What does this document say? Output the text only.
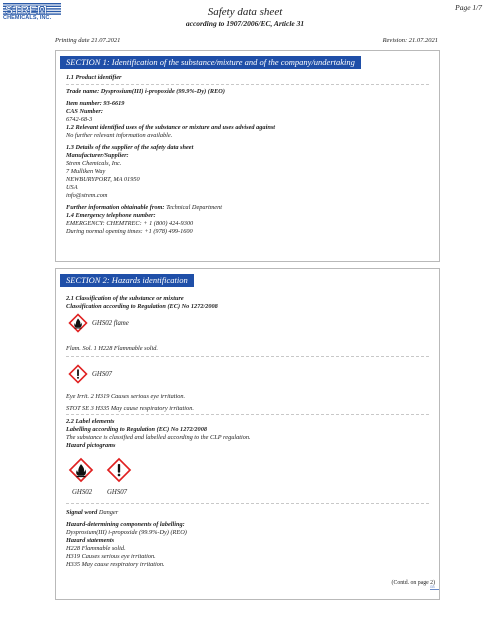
STREM
CHEMICALS, INC.	Safety data sheet
according to 1907/2006/EC, Article 31
Page 1/7
Printing date 21.07.2021	Revision: 21.07.2021
SECTION 1: Identification of the substance/mixture and of the company/undertaking
1.1 Product identifier
Trade name: Dysprosium(III) i-propoxide (99.9%-Dy) (REO)
Item number: 93-6619
CAS Number:
6742-68-3
1.2 Relevant identified uses of the substance or mixture and uses advised against
No further relevant information available.
1.3 Details of the supplier of the safety data sheet
Manufacturer/Supplier:
Strem Chemicals, Inc.
7 Mulliken Way
NEWBURYPORT, MA 01950
USA
info@strem.com
Further information obtainable from: Technical Department
1.4 Emergency telephone number:
EMERGENCY: CHEMTREC: + 1 (800) 424-9300
During normal opening times: +1 (978) 499-1600
SECTION 2: Hazards identification
2.1 Classification of the substance or mixture
Classification according to Regulation (EC) No 1272/2008
GHS02 flame
Flam. Sol. 1 H228 Flammable solid.
GHS07
Eye Irrit. 2 H319 Causes serious eye irritation.
STOT SE 3 H335 May cause respiratory irritation.
2.2 Label elements
Labelling according to Regulation (EC) No 1272/2008
The substance is classified and labelled according to the CLP regulation.
Hazard pictograms
GHS02 GHS07
Signal word Danger
Hazard-determining components of labelling:
Dysprosium(III) i-propoxide (99.9%-Dy) (REO)
Hazard statements
H228 Flammable solid.
H319 Causes serious eye irritation.
H335 May cause respiratory irritation.
(Contd. on page 2)
GB
